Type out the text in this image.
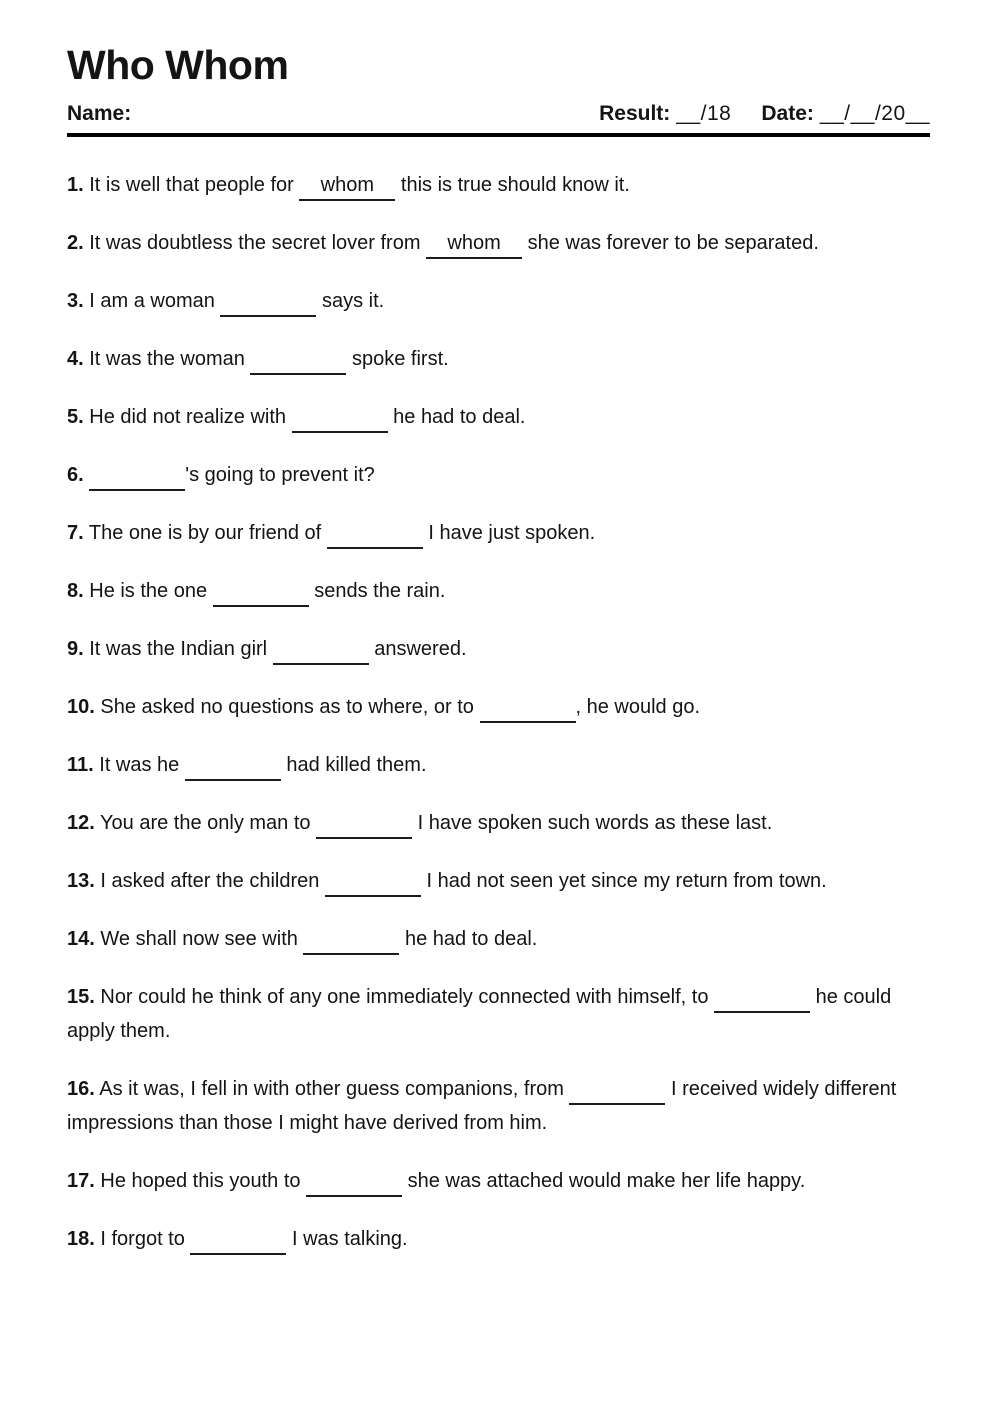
Who Whom
Name:	Result: __/18 Date: __/__/20__

1. It is well that people for whom this is true should know it.

2. It was doubtless the secret lover from whom she was forever to be separated.

3. I am a woman	says it.

4. It was the woman	spoke first.

5. He did not realize with	he had to deal.

6.	's going to prevent it?

7. The one is by our friend of	I have just spoken.

8. He is the one	sends the rain.

9. It was the Indian girl	answered.

10. She asked no questions as to where, or to	, he would go.

11. It was he	had killed them.

12. You are the only man to	I have spoken such words as these last.

13. I asked after the children	I had not seen yet since my return from town.

14. We shall now see with	he had to deal.

15. Nor could he think of any one immediately connected with himself, to	he could apply them.

16. As it was, I fell in with other guess companions, from	I received widely different impressions than those I might have derived from him.

17. He hoped this youth to	she was attached would make her life happy.

18. I forgot to	I was talking.
